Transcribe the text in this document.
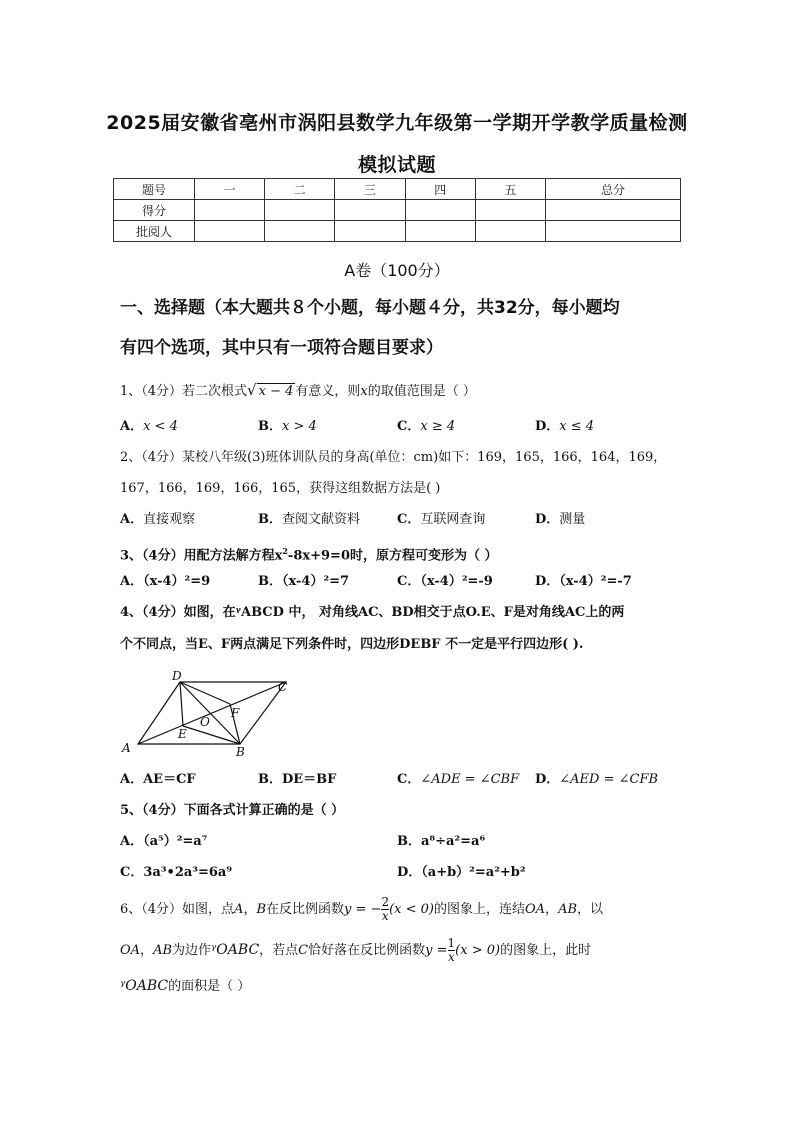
2025届安徽省亳州市涡阳县数学九年级第一学期开学教学质量检测
模拟试题
题号	一	二	三	四	五	总分
得分						
批阅人						
A卷（100分）
一、选择题（本大题共８个小题，每小题４分，共32分，每小题均
有四个选项，其中只有一项符合题目要求）
1、（4分）若二次根式√ x − 4 有意义，则x的取值范围是（ ）
A．x < 4	B．x > 4	C．x ≥ 4	D．x ≤ 4
2、（4分）某校八年级(3)班体训队员的身高(单位：cm)如下：169，165，166，164，169，
167，166，169，166，165，获得这组数据方法是( )
A．直接观察	B．查阅文献资料	C．互联网查询	D．测量
3、（4分）用配方法解方程$x^2-8x+9=0$时，原方程可变形为（ ）
A．（x-4）²=9	B．（x-4）²=7	C．（x-4）²=-9	D．（x-4）²=-7
4、（4分）如图，在ᵞABCD 中， 对角线AC、BD相交于点O.E、F是对角线AC上的两
个不同点，当E、F两点满足下列条件时，四边形DEBF 不一定是平行四边形( ).
D
C
A	B
E
F
O
A．AE＝CF	B．DE＝BF	C．∠ADE = ∠CBF D．∠AED = ∠CFB
5、（4分）下面各式计算正确的是（ ）
A．（a⁵）²=a⁷	B．a⁸÷a²=a⁶
C．3a³•2a³=6a⁹	D．（a+b）²=a²+b²
6、（4分）如图，点A，B在反比例函数y = − $\frac{2}{x} (x < 0)$的图象上，连结OA，AB，以
OA，AB为边作ᵞOABC，若点C恰好落在反比例函数$y = \frac{1}{x} (x > 0)$的图象上，此时
ᵞOABC的面积是（ ）
